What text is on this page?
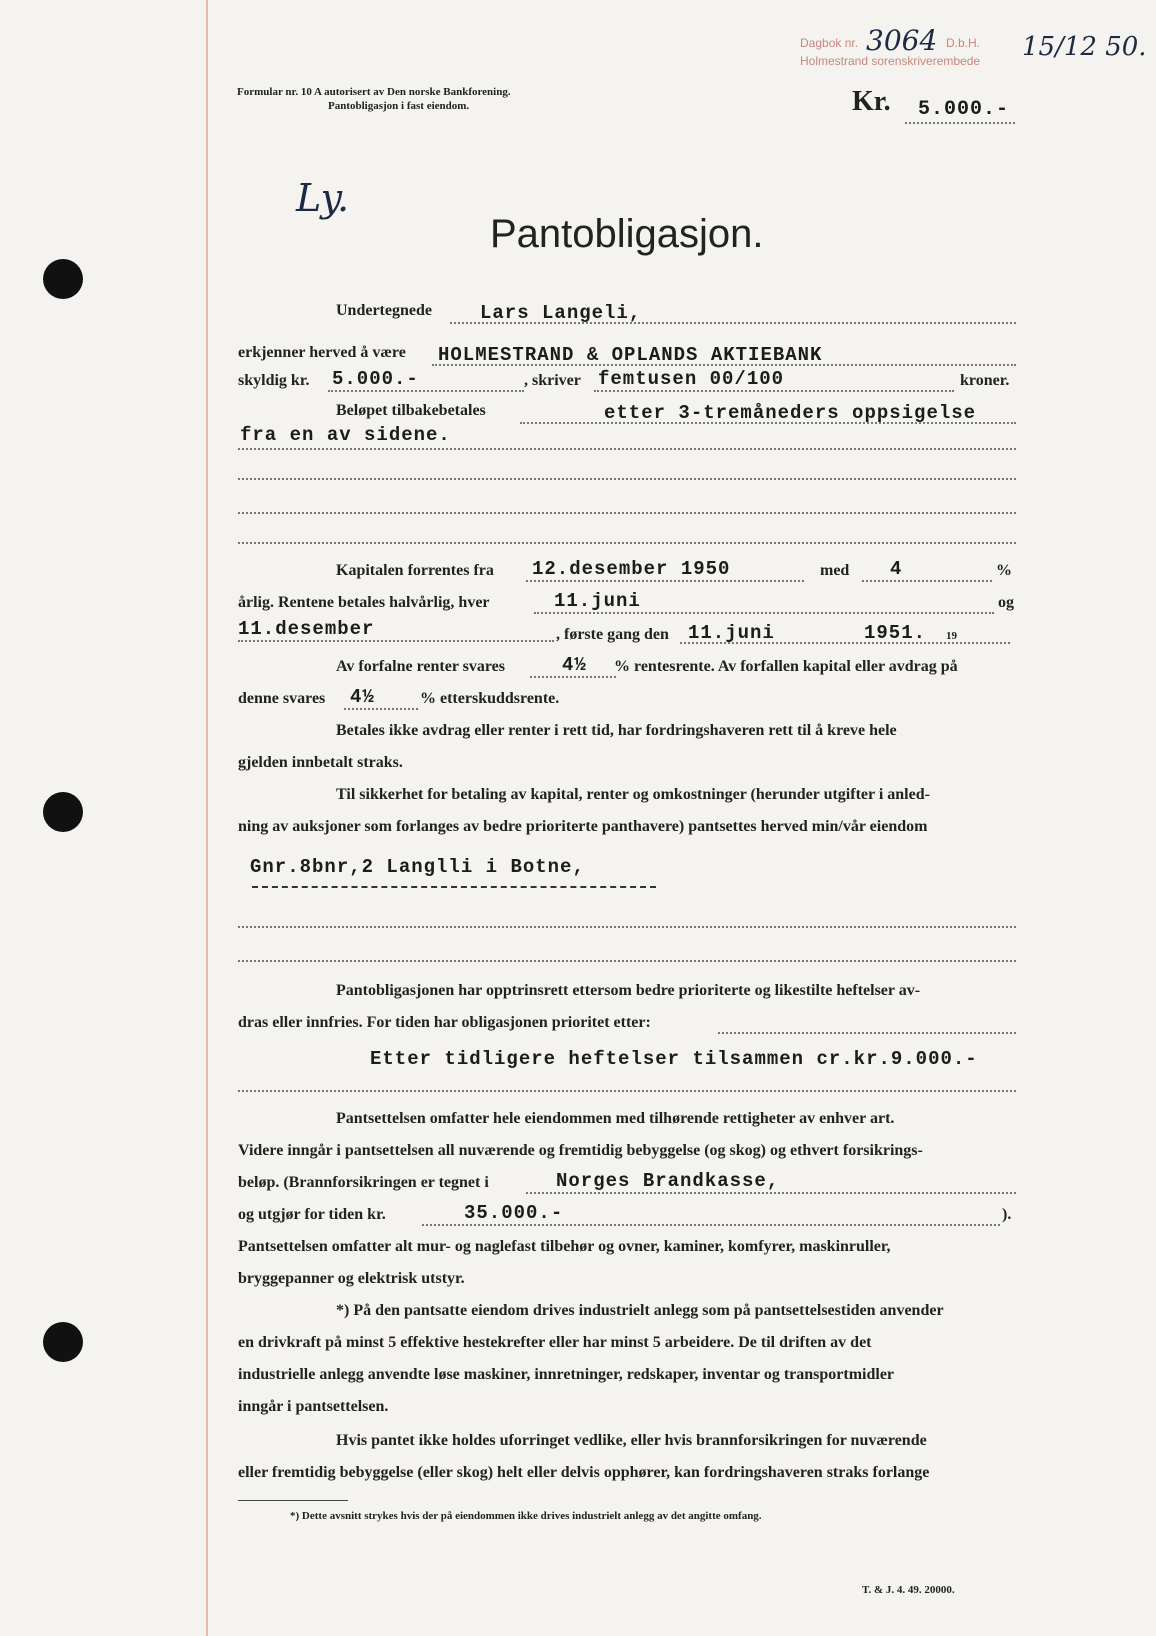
Dagbok nr. 3064 D.b.H.
Holmestrand sorenskriverembede 15/12 50.
Formular nr. 10 A autorisert av Den norske Bankforening.
Pantobligasjon i fast eiendom.	Kr. 5.000.-
Ly.
Pantobligasjon.
Undertegnede	Lars Langeli,
erkjenner herved å være HOLMESTRAND & OPLANDS AKTIEBANK
skyldig kr. 5.000.-	, skriver femtusen 00/100	kroner.
Beløpet tilbakebetales	etter 3-tremåneders oppsigelse
fra en av sidene.
Kapitalen forrentes fra 12.desember 1950	med 4	%
årlig. Rentene betales halvårlig, hver	11.juni	og
11.desember	, første gang den 11.juni	1951. 19
Av forfalne renter svares	4½ % rentesrente. Av forfallen kapital eller avdrag på
denne svares 4½	% etterskuddsrente.
Betales ikke avdrag eller renter i rett tid, har fordringshaveren rett til å kreve hele
gjelden innbetalt straks.
Til sikkerhet for betaling av kapital, renter og omkostninger (herunder utgifter i anled-
ning av auksjoner som forlanges av bedre prioriterte panthavere) pantsettes herved min/vår eiendom
Gnr.8bnr,2 Langlli i Botne,
Pantobligasjonen har opptrinsrett ettersom bedre prioriterte og likestilte heftelser av-
dras eller innfries. For tiden har obligasjonen prioritet etter:
Etter tidligere heftelser tilsammen cr.kr.9.000.-
Pantsettelsen omfatter hele eiendommen med tilhørende rettigheter av enhver art.
Videre inngår i pantsettelsen all nuværende og fremtidig bebyggelse (og skog) og ethvert forsikrings-
beløp. (Brannforsikringen er tegnet i	Norges Brandkasse,
og utgjør for tiden kr.	35.000.-	).
Pantsettelsen omfatter alt mur- og naglefast tilbehør og ovner, kaminer, komfyrer, maskinruller,
bryggepanner og elektrisk utstyr.
*) På den pantsatte eiendom drives industrielt anlegg som på pantsettelsestiden anvender
en drivkraft på minst 5 effektive hestekrefter eller har minst 5 arbeidere. De til driften av det
industrielle anlegg anvendte løse maskiner, innretninger, redskaper, inventar og transportmidler
inngår i pantsettelsen.
Hvis pantet ikke holdes uforringet vedlike, eller hvis brannforsikringen for nuværende
eller fremtidig bebyggelse (eller skog) helt eller delvis opphører, kan fordringshaveren straks forlange
*) Dette avsnitt strykes hvis der på eiendommen ikke drives industrielt anlegg av det angitte omfang.
T. & J. 4. 49. 20000.
